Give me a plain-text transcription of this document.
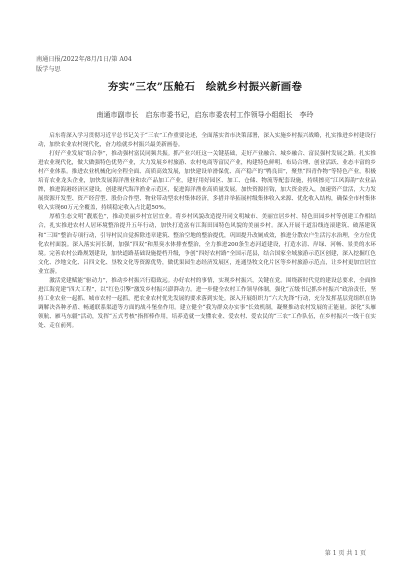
南通日报/2022年/8月/1日/第 A04
版学与思
夯实“三农”压舱石　绘就乡村振兴新画卷
南通市副市长　启东市委书记，启东市委农村工作领导小组组长　李玲

启东将深入学习贯彻习近平总书记关于“三农”工作重要论述，全面落实省市决策部署，深入实施乡村振兴战略，扎实推进乡村建设行动，加快农业农村现代化，奋力绘就乡村振兴最美新画卷。

打好产业发展“组合拳”，推动强村富民同频共振。抓产业兴旺这一关键基础，走好产业融合、城乡融合、富民强村发展之路。扎实推进农业现代化，做大做强特色优势产业，大力发展乡村旅游、农村电商等富民产业，构建特色鲜明、布局合理、创业活跃、业态丰富的乡村产业体系。推进农业机械化向全程全面、高质高效发展，加快建设单滑保优、高产稳产的“鸭良田”，聚焦“四青作物”等特色产业，积极培育农业龙头企业，加快发展海洋渔业和农产品加工产业，建好用好园区、加工、仓储、物流等配套设施，持续擦亮“江风海韵”农业品牌，推进海港经济区建设，创建现代海洋渔业示范区，促进海洋渔业高质量发展。加快资源挂钩，加大资金投入，加速资产盘活，大力发展资源开发型、资产经营型、股份合作型、物业带动型农村集体经济，多措并举拓展村级集体收入来源、优化收入结构，确保全市村集体收入实现60万元全覆盖，持续稳定收入占比超50%。

厚植生态文明“靓底色”，推动美丽乡村宜居宜业。将乡村风貌改造提升同文明城市、美丽宜居乡村、特色田园乡村等创建工作相结合，扎实推进农村人居环境整治提升五年行动，加快打造富有江海田园特色风貌的美丽乡村。深入开展干道沿线连滚建筑、破落建筑和“三围”整治专项行动，引导村民自觉拆除违章建筑、整治空地的整治提优，巩固提升改厕成效，推进分散农户生活污水治理，全方位优化农村面貌。深入落实河长制，加强“四双”和黑臭水体排查整治，全力推进200条生态河道建设，打造水清、岸绿、河畅、景美的水环境。完善农村公路规划建设，加快道路基础设施提档升级，争创“四好农村路”全国示范县，结合国家全域旅游示范区创建，深入挖掘红色文化、沙地文化、吕四文化、垦牧文化等资源优势，做优果园生态经济发展区，连通垦牧文化片区等乡村旅游示范点，让乡村更加宜居宜业宜游。

激活党建赋能“驱动力”，推动乡村振兴行稳致远。办好农村的事情，实现乡村振兴，关键在党。围绕新时代党的建设总要求，全面推进江海党建“四大工程”，以“红色引擎”激发乡村振兴澎湃动力。进一步健全农村工作领导体制，强化“五级书记抓乡村振兴”政治责任，坚持工业农业一起抓、城市农村一起抓，把农业农村优先发展的要求落到实处。深入开展组织力“六大先锋”行动，充分发挥基层党组织在协调解决各种矛盾、畅通联系渠道等方面的战斗堡垒作用。建立健全“我为群众办实事”长效机制，凝聚推动农村发展的正能量。深化“头雁领航、雁马东疆”活动，发挥“五式考核”指挥棒作用，培养造就一支懂农业、爱农村、爱农民的“三农”工作队伍，在乡村振兴一线干在实处、走在前列。

第 1 页 共 1 页
